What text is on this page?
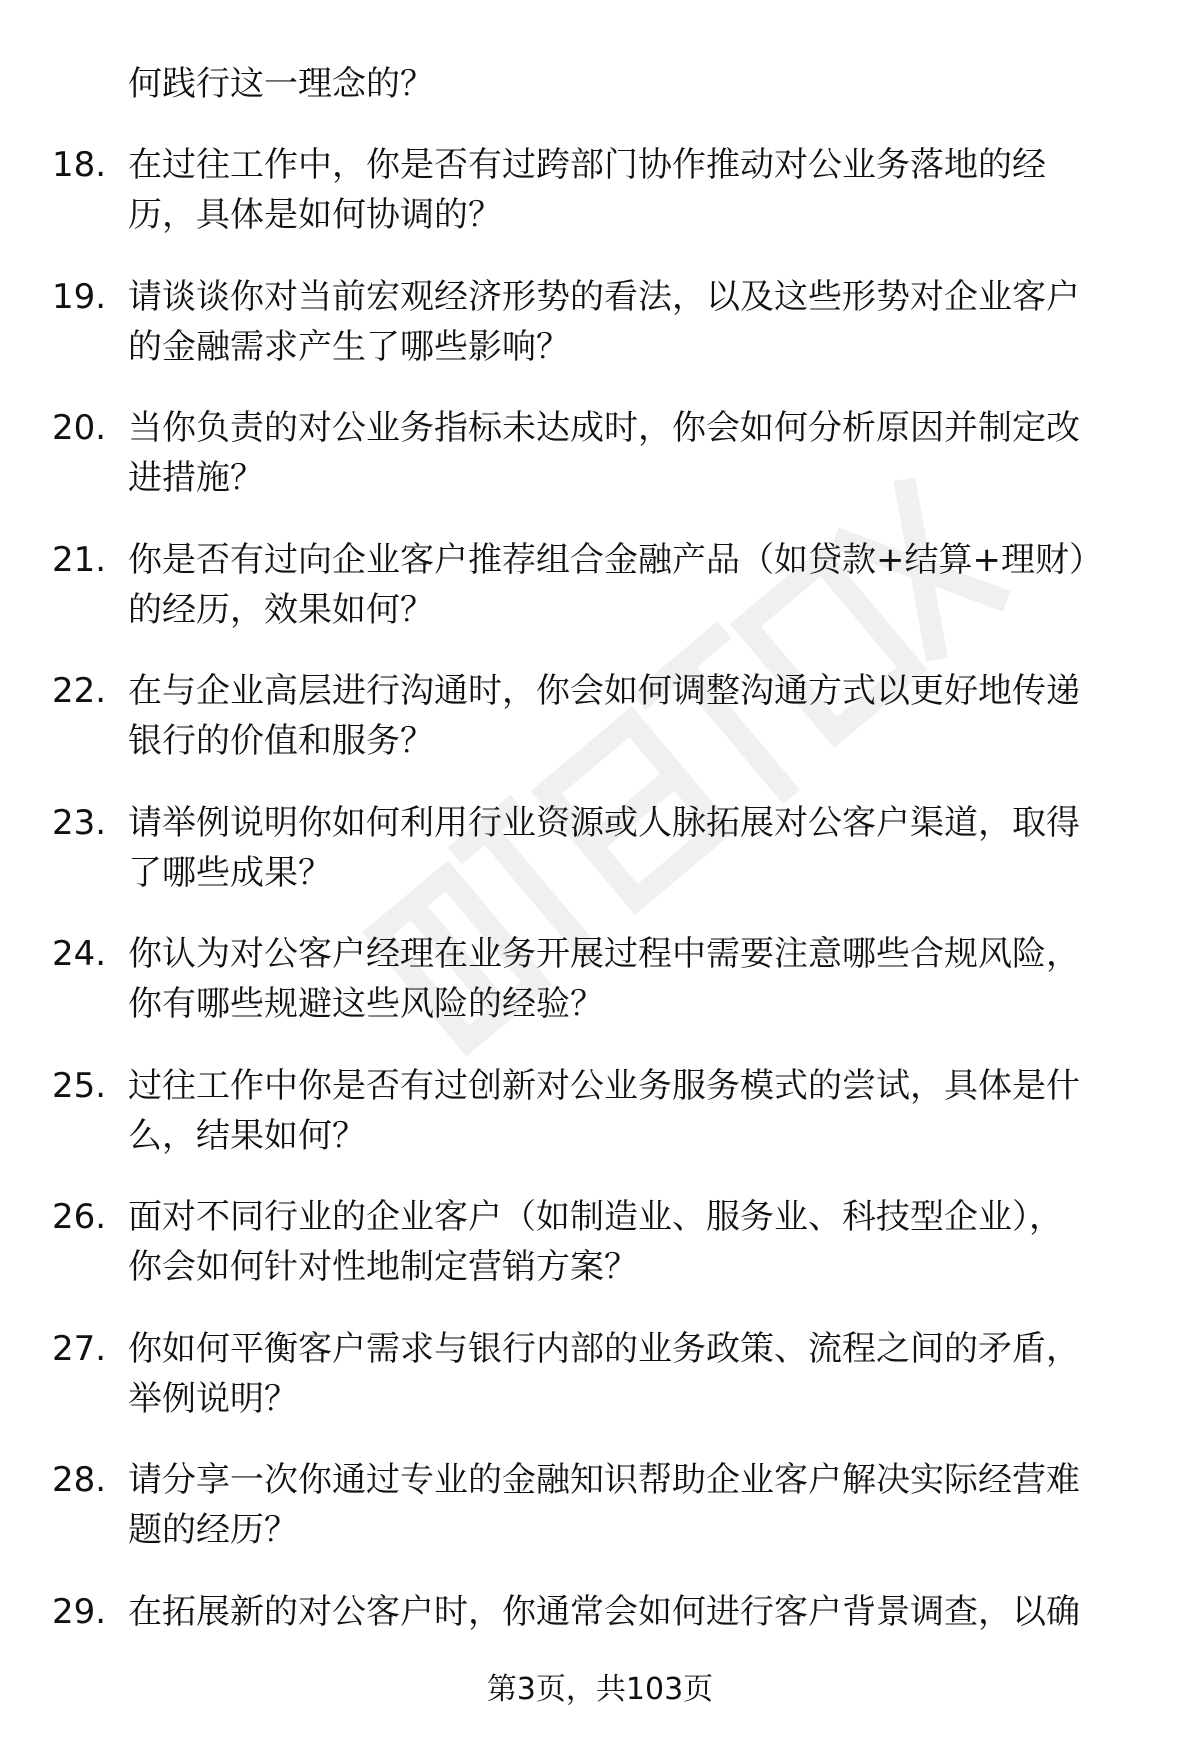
何践行这一理念的？
18. 在过往工作中，你是否有过跨部门协作推动对公业务落地的经
历，具体是如何协调的？

19. 请谈谈你对当前宏观经济形势的看法，以及这些形势对企业客户
的金融需求产生了哪些影响？

20. 当你负责的对公业务指标未达成时，你会如何分析原因并制定改
进措施？

21. 你是否有过向企业客户推荐组合金融产品（如贷款+结算+理财）
的经历，效果如何？

22. 在与企业高层进行沟通时，你会如何调整沟通方式以更好地传递
银行的价值和服务？

23. 请举例说明你如何利用行业资源或人脉拓展对公客户渠道，取得
了哪些成果？

24. 你认为对公客户经理在业务开展过程中需要注意哪些合规风险，
你有哪些规避这些风险的经验？

25. 过往工作中你是否有过创新对公业务服务模式的尝试，具体是什
么，结果如何？

26. 面对不同行业的企业客户（如制造业、服务业、科技型企业），
你会如何针对性地制定营销方案？

27. 你如何平衡客户需求与银行内部的业务政策、流程之间的矛盾，
举例说明？

28. 请分享一次你通过专业的金融知识帮助企业客户解决实际经营难
题的经历？

29. 在拓展新的对公客户时，你通常会如何进行客户背景调查，以确

第3页，共103页
